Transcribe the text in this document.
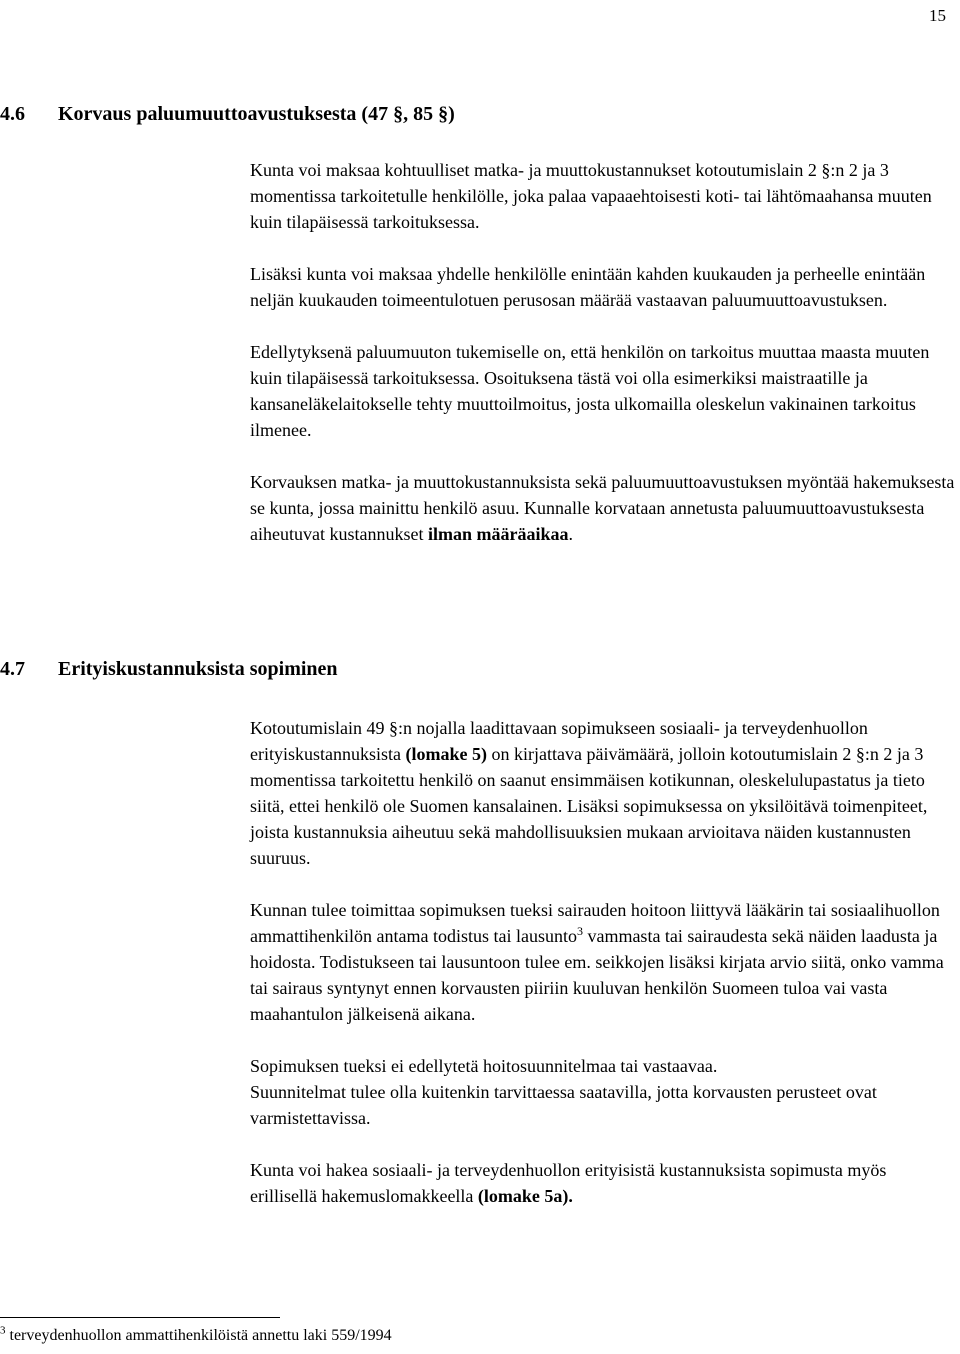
15
4.6 Korvaus paluumuuttoavustuksesta (47 §, 85 §)

Kunta voi maksaa kohtuulliset matka- ja muuttokustannukset kotoutumislain 2 §:n 2 ja 3 momentissa tarkoitetulle henkilölle, joka palaa vapaaehtoisesti koti- tai lähtömaahansa muuten kuin tilapäisessä tarkoituksessa.

Lisäksi kunta voi maksaa yhdelle henkilölle enintään kahden kuukauden ja perheelle enintään neljän kuukauden toimeentulotuen perusosan määrää vastaavan paluumuuttoavustuksen.

Edellytyksenä paluumuuton tukemiselle on, että henkilön on tarkoitus muuttaa maasta muuten kuin tilapäisessä tarkoituksessa. Osoituksena tästä voi olla esimerkiksi maistraatille ja kansaneläkelaitokselle tehty muuttoilmoitus, josta ulkomailla oleskelun vakinainen tarkoitus ilmenee.

Korvauksen matka- ja muuttokustannuksista sekä paluumuuttoavustuksen myöntää hakemuksesta se kunta, jossa mainittu henkilö asuu. Kunnalle korvataan annetusta paluumuuttoavustuksesta aiheutuvat kustannukset ilman määräaikaa.

4.7 Erityiskustannuksista sopiminen

Kotoutumislain 49 §:n nojalla laadittavaan sopimukseen sosiaali- ja terveydenhuollon erityiskustannuksista (lomake 5) on kirjattava päivämäärä, jolloin kotoutumislain 2 §:n 2 ja 3 momentissa tarkoitettu henkilö on saanut ensimmäisen kotikunnan, oleskelulupastatus ja tieto siitä, ettei henkilö ole Suomen kansalainen. Lisäksi sopimuksessa on yksilöitävä toimenpiteet, joista kustannuksia aiheutuu sekä mahdollisuuksien mukaan arvioitava näiden kustannusten suuruus.

Kunnan tulee toimittaa sopimuksen tueksi sairauden hoitoon liittyvä lääkärin tai sosiaalihuollon ammattihenkilön antama todistus tai lausunto$^3$ vammasta tai sairaudesta sekä näiden laadusta ja hoidosta. Todistukseen tai lausuntoon tulee em. seikkojen lisäksi kirjata arvio siitä, onko vamma tai sairaus syntynyt ennen korvausten piiriin kuuluvan henkilön Suomeen tuloa vai vasta maahantulon jälkeisenä aikana.

Sopimuksen tueksi ei edellytetä hoitosuunnitelmaa tai vastaavaa.
Suunnitelmat tulee olla kuitenkin tarvittaessa saatavilla, jotta korvausten perusteet ovat varmistettavissa.

Kunta voi hakea sosiaali- ja terveydenhuollon erityisistä kustannuksista sopimusta myös erillisellä hakemuslomakkeella (lomake 5a).

$^3$ terveydenhuollon ammattihenkilöistä annettu laki 559/1994
